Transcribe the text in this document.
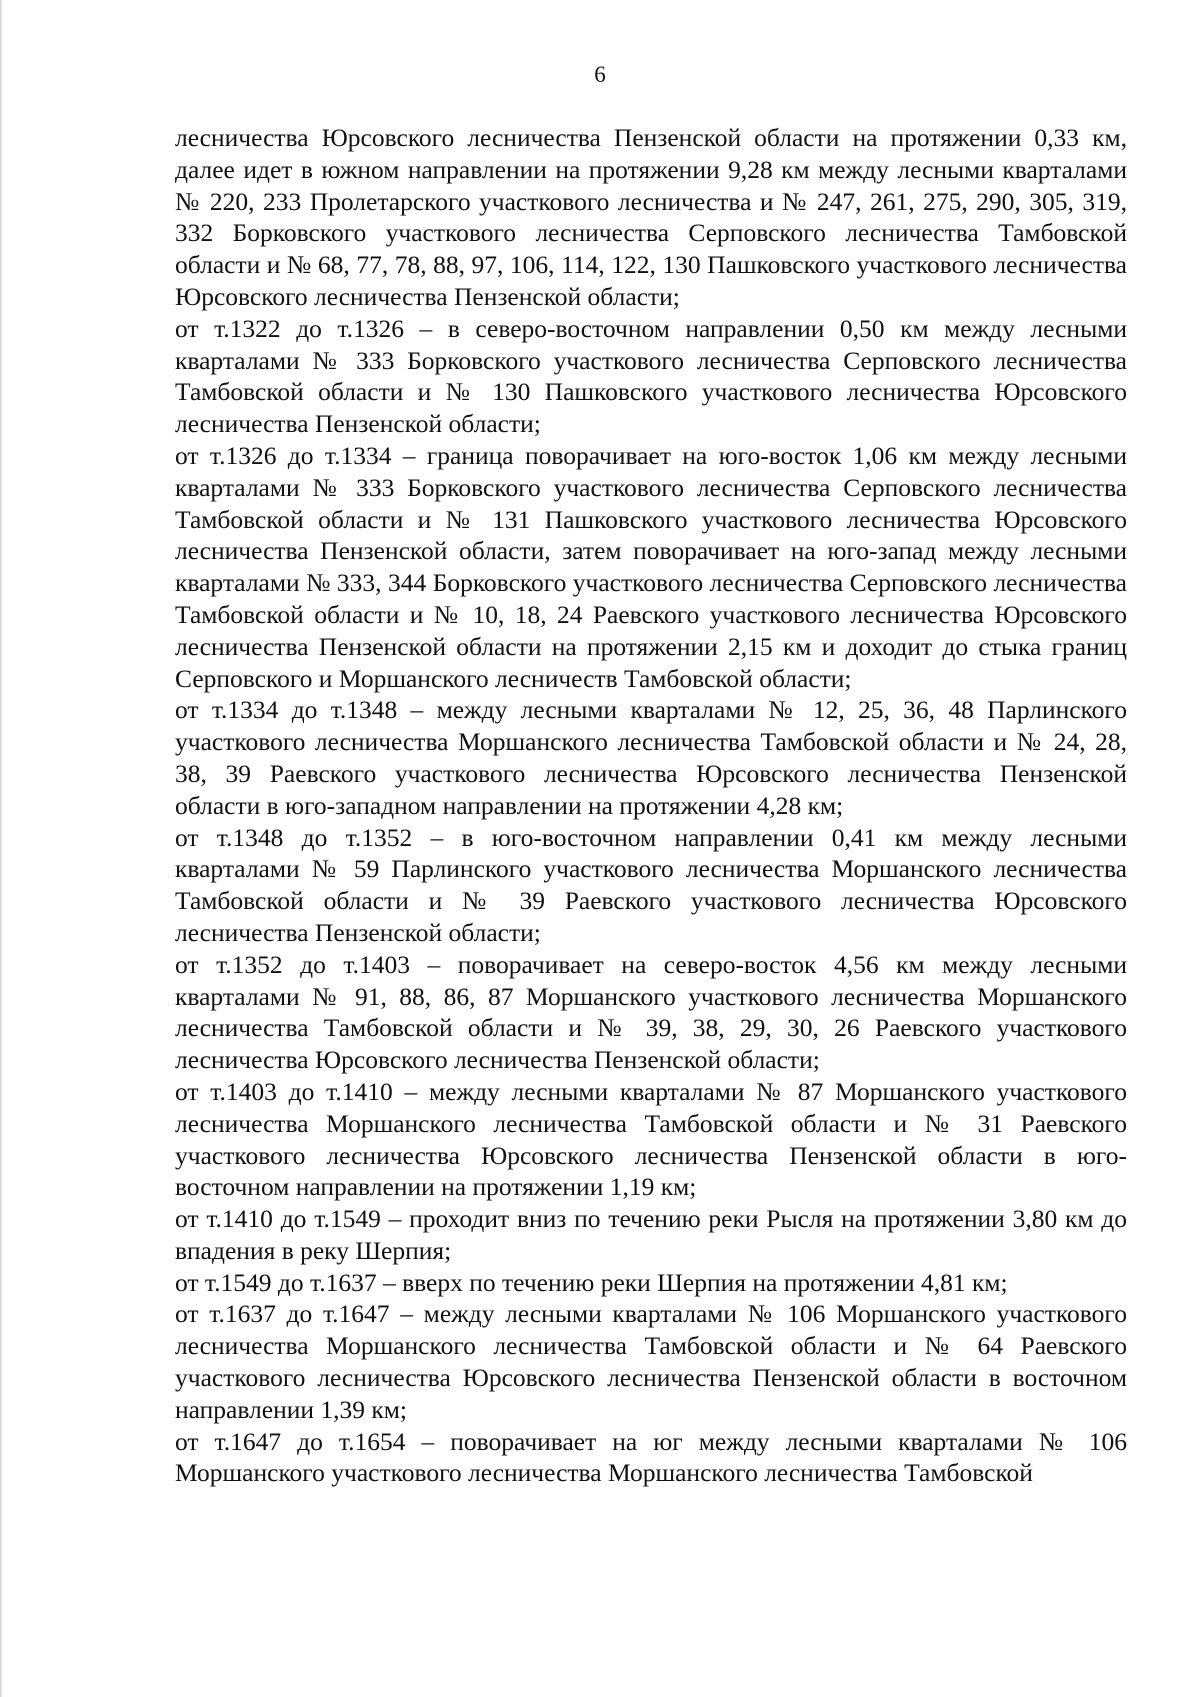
6

лесничества Юрсовского лесничества Пензенской области на протяжении 0,33 км, далее идет в южном направлении на протяжении 9,28 км между лесными кварталами № 220, 233 Пролетарского участкового лесничества и № 247, 261, 275, 290, 305, 319, 332 Борковского участкового лесничества Серповского лесничества Тамбовской области и № 68, 77, 78, 88, 97, 106, 114, 122, 130 Пашковского участкового лесничества Юрсовского лесничества Пензенской области;

от т.1322 до т.1326 – в северо-восточном направлении 0,50 км между лесными кварталами № 333 Борковского участкового лесничества Серповского лесничества Тамбовской области и № 130 Пашковского участкового лесничества Юрсовского лесничества Пензенской области;

от т.1326 до т.1334 – граница поворачивает на юго-восток 1,06 км между лесными кварталами № 333 Борковского участкового лесничества Серповского лесничества Тамбовской области и № 131 Пашковского участкового лесничества Юрсовского лесничества Пензенской области, затем поворачивает на юго-запад между лесными кварталами № 333, 344 Борковского участкового лесничества Серповского лесничества Тамбовской области и № 10, 18, 24 Раевского участкового лесничества Юрсовского лесничества Пензенской области на протяжении 2,15 км и доходит до стыка границ Серповского и Моршанского лесничеств Тамбовской области;

от т.1334 до т.1348 – между лесными кварталами № 12, 25, 36, 48 Парлинского участкового лесничества Моршанского лесничества Тамбовской области и № 24, 28, 38, 39 Раевского участкового лесничества Юрсовского лесничества Пензенской области в юго-западном направлении на протяжении 4,28 км;

от т.1348 до т.1352 – в юго-восточном направлении 0,41 км между лесными кварталами № 59 Парлинского участкового лесничества Моршанского лесничества Тамбовской области и № 39 Раевского участкового лесничества Юрсовского лесничества Пензенской области;

от т.1352 до т.1403 – поворачивает на северо-восток 4,56 км между лесными кварталами № 91, 88, 86, 87 Моршанского участкового лесничества Моршанского лесничества Тамбовской области и № 39, 38, 29, 30, 26 Раевского участкового лесничества Юрсовского лесничества Пензенской области;

от т.1403 до т.1410 – между лесными кварталами № 87 Моршанского участкового лесничества Моршанского лесничества Тамбовской области и № 31 Раевского участкового лесничества Юрсовского лесничества Пензенской области в юго-восточном направлении на протяжении 1,19 км;

от т.1410 до т.1549 – проходит вниз по течению реки Рысля на протяжении 3,80 км до впадения в реку Шерпия;

от т.1549 до т.1637 – вверх по течению реки Шерпия на протяжении 4,81 км;

от т.1637 до т.1647 – между лесными кварталами № 106 Моршанского участкового лесничества Моршанского лесничества Тамбовской области и № 64 Раевского участкового лесничества Юрсовского лесничества Пензенской области в восточном направлении 1,39 км;

от т.1647 до т.1654 – поворачивает на юг между лесными кварталами № 106 Моршанского участкового лесничества Моршанского лесничества Тамбовской
